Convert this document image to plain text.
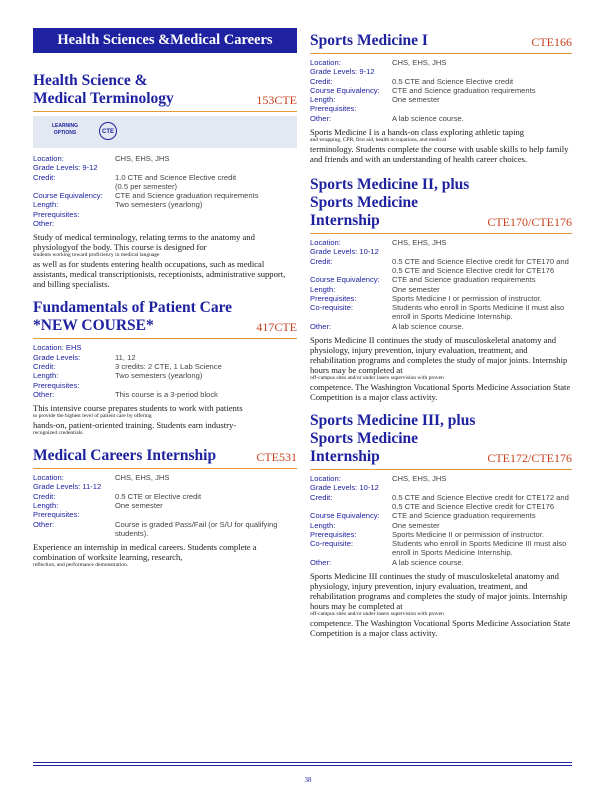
Health Sciences &Medical Careers
Health Science &
Medical Terminology	153CTE
LEARNING OPTIONS	CTE
Location:	CHS, EHS, JHS
Grade Levels: 9-12
Credit:	1.0 CTE and Science Elective credit
(0.5 per semester)
Course Equivalency:	CTE and Science graduation requirements
Length:	Two semesters (yearlong)
Prerequisites:
Other:
Study of medical terminology, relating terms to the anatomy and physiologyof the body. This course is designed for
students working toward proficiency in medical language
as well as for students entering health occupations, such as medical assistants, medical transcriptionists, receptionists, administrative support, and billing specialists.
Fundamentals of Patient Care
*NEW COURSE*	417CTE
Location: EHS
Grade Levels:	11, 12
Credit:	3 credits: 2 CTE, 1 Lab Science
Length:	Two semesters (yearlong)
Prerequisites:
Other:	This course is a 3-period block
This intensive course prepares students to work with patients
to provide the highest level of patient care by offering
hands-on, patient-oriented training. Students earn industry-
recognized credentials.
Medical Careers Internship	CTE531
Location:	CHS, EHS, JHS
Grade Levels: 11-12
Credit:	0.5 CTE or Elective credit
Length:	One semester
Prerequisites:
Other:	Course is graded Pass/Fail (or S/U for qualifying
students).
Experience an internship in medical careers. Students complete a combination of worksite learning, research,
reflection, and performance demonstration.
Sports Medicine I	CTE166
Location:	CHS, EHS, JHS
Grade Levels: 9-12
Credit:	0.5 CTE and Science Elective credit
Course Equivalency:	CTE and Science graduation requirements
Length:	One semester
Prerequisites:
Other:	A lab science course.
Sports Medicine I is a hands-on class exploring athletic taping
and wrapping, CPR, first aid, health occupations, and medical
terminology. Students complete the course with usable skills to help family and friends and with an understanding of health career choices.
Sports Medicine II, plus
Sports Medicine Internship	CTE170/CTE176
Location:	CHS, EHS, JHS
Grade Levels: 10-12
Credit:	0.5 CTE and Science Elective credit for CTE170 and
0.5 CTE and Science Elective credit for CTE176
Course Equivalency:	CTE and Science graduation requirements
Length:	One semester
Prerequisites:	Sports Medicine I or permission of instructor.
Co-requisite:	Students who enroll in Sports Medicine II must also
enroll in Sports Medicine Internship.
Other:	A lab science course.
Sports Medicine II continues the study of musculoskeletal anatomy and physiology, injury prevention, injury evaluation, treatment, and rehabilitation programs and completes the study of major joints. Internship hours may be completed at
off-campus sites and/or under lasers supervision with proven
competence. The Washington Vocational Sports Medicine Association State Competition is a major class activity.
Sports Medicine III, plus
Sports Medicine Internship	CTE172/CTE176
Location:	CHS, EHS, JHS
Grade Levels: 10-12
Credit:	0.5 CTE and Science Elective credit for CTE172 and
0.5 CTE and Science Elective credit for CTE176
Course Equivalency:	CTE and Science graduation requirements
Length:	One semester
Prerequisites:	Sports Medicine II or permission of instructor.
Co-requisite:	Students who enroll in Sports Medicine III must also
enroll in Sports Medicine Internship.
Other:	A lab science course.
Sports Medicine III continues the study of musculoskeletal anatomy and physiology, injury prevention, injury evaluation, treatment, and rehabilitation programs and completes the study of major joints. Internship hours may be completed at
off-campus sites and/or under lasers supervision with proven
competence. The Washington Vocational Sports Medicine Association State Competition is a major class activity.
38
